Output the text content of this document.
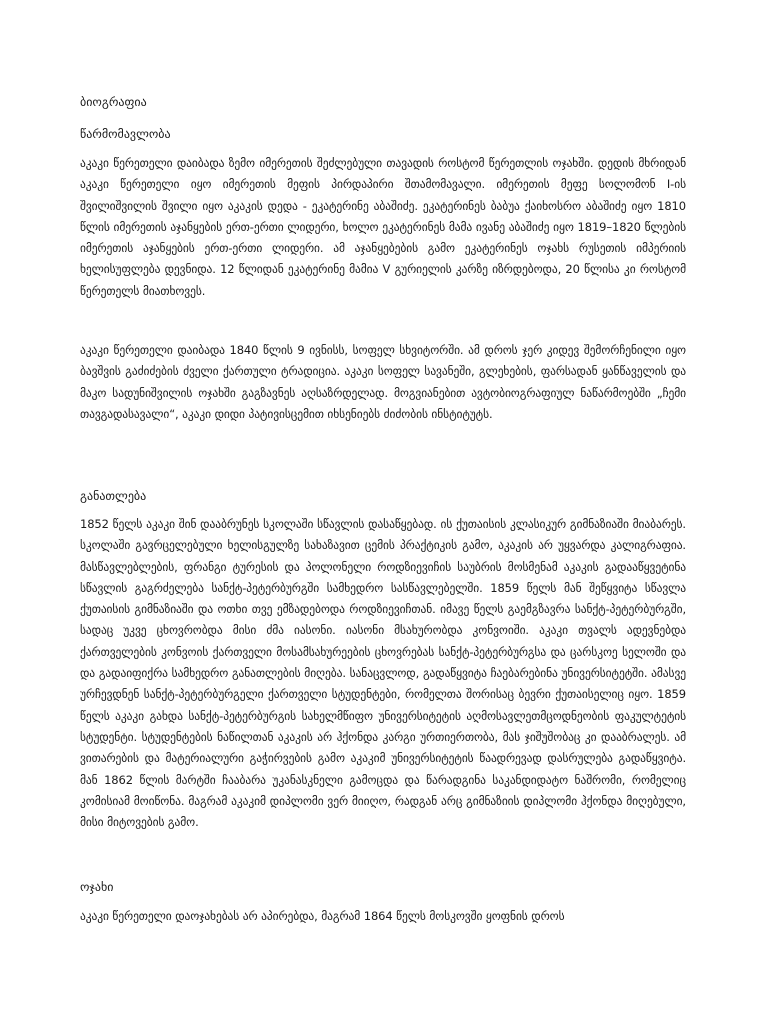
ბიოგრაფია
წარმომავლობა
აკაკი წერეთელი დაიბადა ზემო იმერეთის შეძლებული თავადის როსტომ წერეთლის ოჯახში. დედის მხრიდან აკაკი წერეთელი იყო იმერეთის მეფის პირდაპირი შთამომავალი. იმერეთის მეფე სოლომონ I-ის შვილიშვილის შვილი იყო აკაკის დედა - ეკატერინე აბაშიძე. ეკატერინეს ბაბუა ქაიხოსრო აბაშიძე იყო 1810 წლის იმერეთის აჯანყების ერთ-ერთი ლიდერი, ხოლო ეკატერინეს მამა ივანე აბაშიძე იყო 1819–1820 წლების იმერეთის აჯანყების ერთ-ერთი ლიდერი. ამ აჯანყებების გამო ეკატერინეს ოჯახს რუსეთის იმპერიის ხელისუფლება დევნიდა. 12 წლიდან ეკატერინე მამია V გურიელის კარზე იზრდებოდა, 20 წლისა კი როსტომ წერეთელს მიათხოვეს.
აკაკი წერეთელი დაიბადა 1840 წლის 9 ივნისს, სოფელ სხვიტორში. ამ დროს ჯერ კიდევ შემორჩენილი იყო ბავშვის გაძიძების ძველი ქართული ტრადიცია. აკაკი სოფელ სავანეში, გლეხების, ფარსადან ყანწაველის და მაკო სადუნიშვილის ოჯახში გაგზავნეს აღსაზრდელად. მოგვიანებით ავტობიოგრაფიულ ნაწარმოებში „ჩემი თავგადასავალი“, აკაკი დიდი პატივისცემით იხსენიებს ძიძობის ინსტიტუტს.
განათლება
1852 წელს აკაკი შინ დააბრუნეს სკოლაში სწავლის დასაწყებად. ის ქუთაისის კლასიკურ გიმნაზიაში მიაბარეს. სკოლაში გავრცელებული ხელისგულზე სახაზავით ცემის პრაქტიკის გამო, აკაკის არ უყვარდა კალიგრაფია. მასწავლებლების, ფრანგი ტურესის და პოლონელი როდზიევიჩის საუბრის მოსმენამ აკაკის გადააწყვეტინა სწავლის გაგრძელება სანქტ-პეტერბურგში სამხედრო სასწავლებელში. 1859 წელს მან შეწყვიტა სწავლა ქუთაისის გიმნაზიაში და ოთხი თვე ემზადებოდა როდზიევიჩთან. იმავე წელს გაემგზავრა სანქტ-პეტერბურგში, სადაც უკვე ცხოვრობდა მისი ძმა იასონი. იასონი მსახურობდა კონვოიში. აკაკი თვალს ადევნებდა ქართველების კონვოის ქართველი მოსამსახურეების ცხოვრებას სანქტ-პეტერბურგსა და ცარსკოე სელოში და და გადაიფიქრა სამხედრო განათლების მიღება. სანაცვლოდ, გადაწყვიტა ჩაებარებინა უნივერსიტეტში. ამასვე ურჩევდნენ სანქტ-პეტერბურგელი ქართველი სტუდენტები, რომელთა შორისაც ბევრი ქუთაისელიც იყო. 1859 წელს აკაკი გახდა სანქტ-პეტერბურგის სახელმწიფო უნივერსიტეტის აღმოსავლეთმცოდნეობის ფაკულტეტის სტუდენტი. სტუდენტების ნაწილთან აკაკის არ ჰქონდა კარგი ურთიერთობა, მას ჯიშუშობაც კი დააბრალეს. ამ ვითარების და მატერიალური გაჭირვების გამო აკაკიმ უნივერსიტეტის წაადრევად დასრულება გადაწყვიტა. მან 1862 წლის მარტში ჩააბარა უკანასკნელი გამოცდა და წარადგინა საკანდიდატო ნაშრომი, რომელიც კომისიამ მოიწონა. მაგრამ აკაკიმ დიპლომი ვერ მიიღო, რადგან არც გიმნაზიის დიპლომი ჰქონდა მიღებული, მისი მიტოვების გამო.
ოჯახი
აკაკი წერეთელი დაოჯახებას არ აპირებდა, მაგრამ 1864 წელს მოსკოვში ყოფნის დროს
